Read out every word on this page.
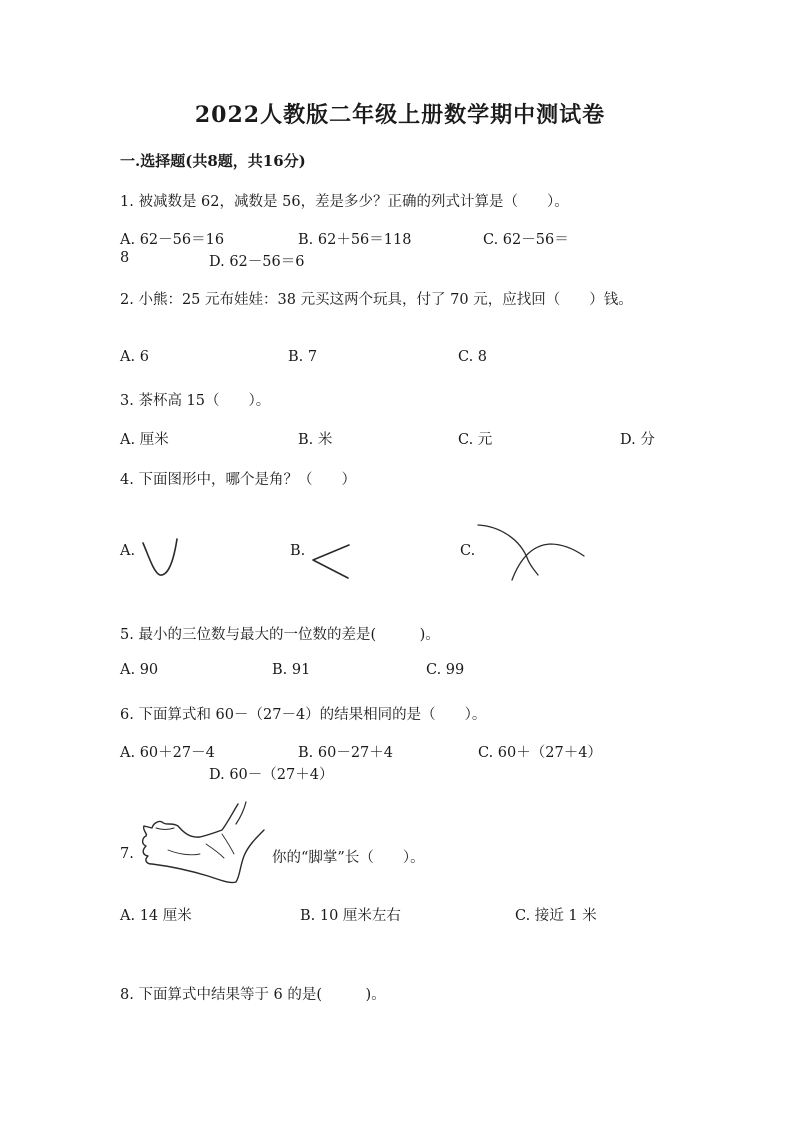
2022人教版二年级上册数学期中测试卷
一.选择题(共8题，共16分)
1. 被减数是 62，减数是 56，差是多少？正确的列式计算是（　　）。
A. 62－56＝16	B. 62＋56＝118	C. 62－56＝
8	D. 62－56＝6
2. 小熊：25 元布娃娃：38 元买这两个玩具，付了 70 元，应找回（　　）钱。
A. 6	B. 7	C. 8
3. 茶杯高 15（　　）。
A. 厘米	B. 米	C. 元	D. 分
4. 下面图形中，哪个是角？（　　）
A.	B.	C.
5. 最小的三位数与最大的一位数的差是(　　　)。
A. 90	B. 91	C. 99
6. 下面算式和 60－（27－4）的结果相同的是（　　）。
A. 60＋27－4	B. 60－27＋4	C. 60＋（27＋4）
D. 60－（27＋4）
7.	你的“脚掌”长（　　）。
A. 14 厘米	B. 10 厘米左右	C. 接近 1 米
8. 下面算式中结果等于 6 的是(　　　)。
